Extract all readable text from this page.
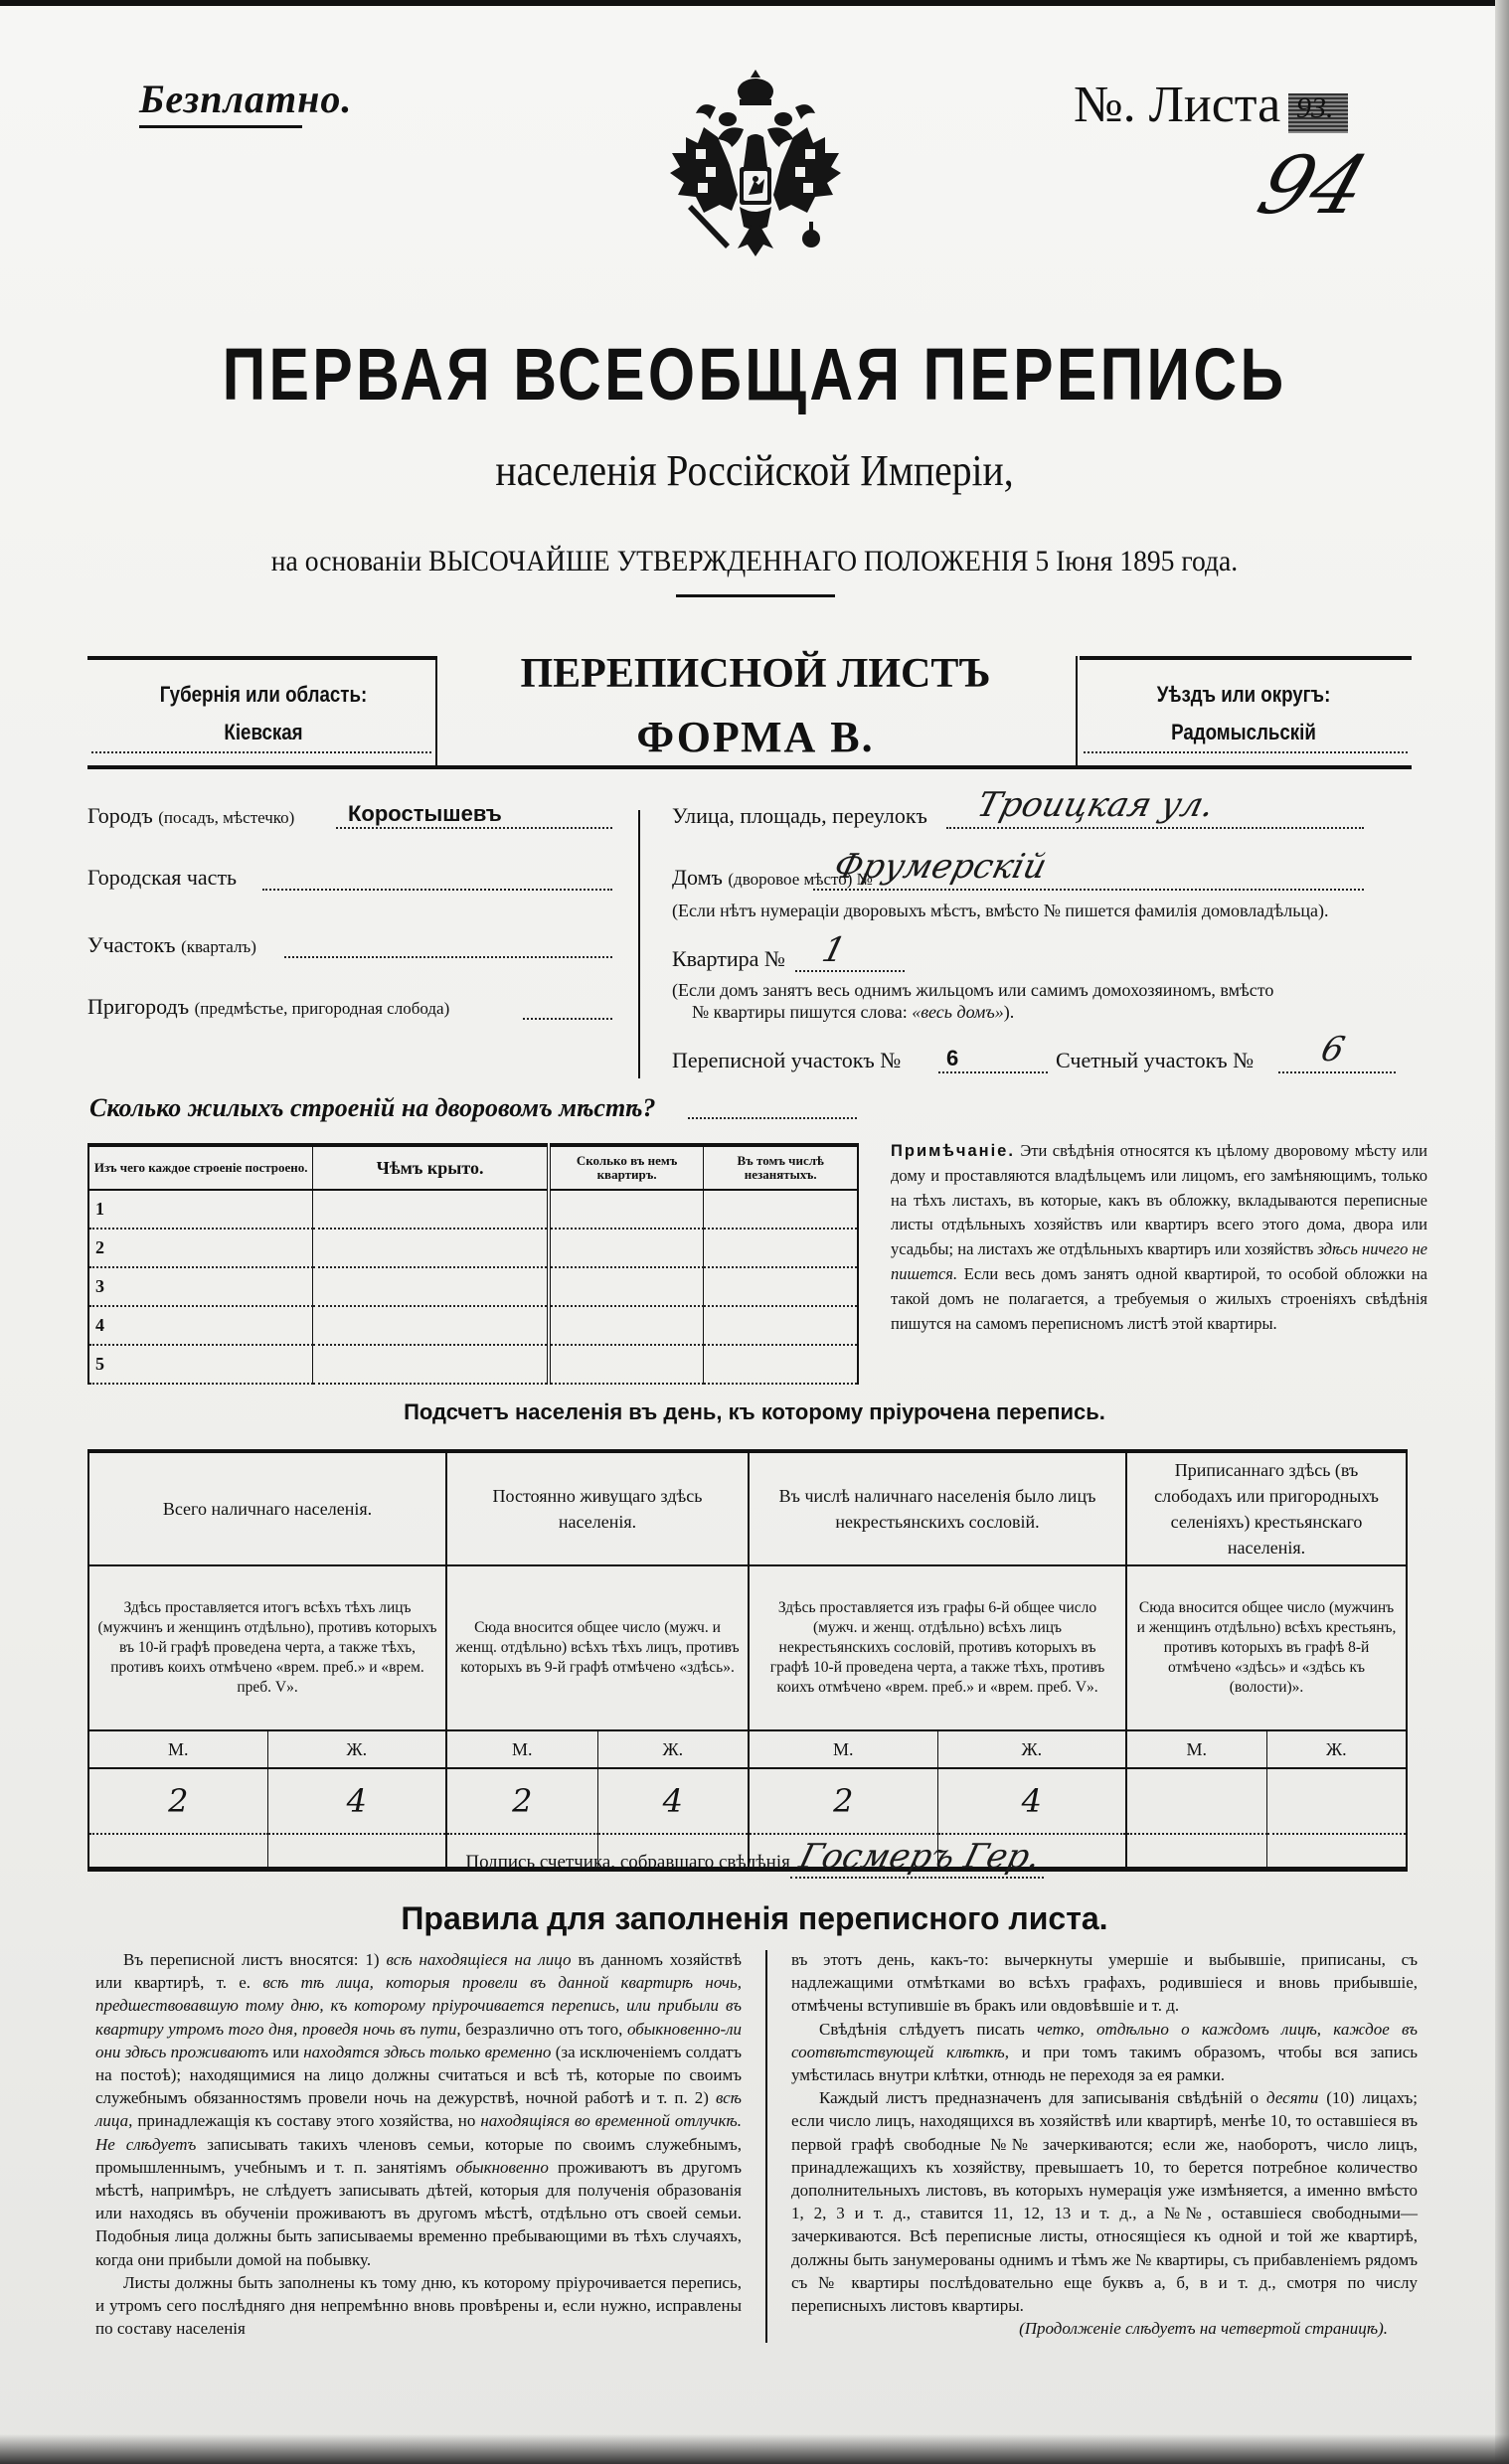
Безплатно.	№. Листа 93.
94
ПЕРВАЯ ВСЕОБЩАЯ ПЕРЕПИСЬ
населенія Россійской Имперіи,
на основаніи ВЫСОЧАЙШЕ УТВЕРЖДЕННАГО ПОЛОЖЕНІЯ 5 Іюня 1895 года.
Губернія или область:
Кіевская
ПЕРЕПИСНОЙ ЛИСТЪ
ФОРМА В.
Уѣздъ или округъ:
Радомысльскій
Городъ (посадъ, мѣстечко) Коростышевъ
Городская часть
Участокъ (кварталъ)
Пригородъ (предмѣстье, пригородная слобода)
Улица, площадь, переулокъ Троицкая ул.
Домъ (дворовое мѣсто) №
Фрумерскій
(Если нѣтъ нумераціи дворовыхъ мѣстъ, вмѣсто № пишется фамилія домовладѣльца).
Квартира № 1
(Если домъ занятъ весь однимъ жильцомъ или самимъ домохозяиномъ, вмѣсто
№ квартиры пишутся слова: «весь домъ»).
Переписной участокъ № 6	Счетный участокъ № 6
Сколько жилыхъ строеній на дворовомъ мѣстѣ?
Изъ чего каждое строеніе построено.	Чѣмъ крыто.	Сколько въ немъ квартиръ.	Въ томъ числѣ незанятыхъ.
1			
2			
3			
4			
5			
Примѣчаніе. Эти свѣдѣнія относятся къ цѣлому дворовому мѣсту или дому и проставляются владѣльцемъ или лицомъ, его замѣняющимъ, только на тѣхъ листахъ, въ которые, какъ въ обложку, вкладываются переписные листы отдѣльныхъ хозяйствъ или квартиръ всего этого дома, двора или усадьбы; на листахъ же отдѣльныхъ квартиръ или хозяйствъ здѣсь ничего не пишется. Если весь домъ занятъ одной квартирой, то особой обложки на такой домъ не полагается, а требуемыя о жилыхъ строеніяхъ свѣдѣнія пишутся на самомъ переписномъ листѣ этой квартиры.
Подсчетъ населенія въ день, къ которому пріурочена перепись.
Всего наличнаго населенія.		Постоянно живущаго здѣсь населенія.		Въ числѣ наличнаго населенія было лицъ некрестьянскихъ сословій.		Приписаннаго здѣсь (въ слободахъ или пригородныхъ селеніяхъ) крестьянскаго населенія.	
Здѣсь проставляется итогъ всѣхъ тѣхъ лицъ (мужчинъ и женщинъ отдѣльно), противъ которыхъ въ 10-й графѣ проведена черта, а также тѣхъ, противъ коихъ отмѣчено «врем. преб.» и «врем. преб. V».		Сюда вносится общее число (мужч. и женщ. отдѣльно) всѣхъ тѣхъ лицъ, противъ которыхъ въ 9-й графѣ отмѣчено «здѣсь».		Здѣсь проставляется изъ графы 6-й общее число (мужч. и женщ. отдѣльно) всѣхъ лицъ некрестьянскихъ сословій, противъ которыхъ въ графѣ 10-й проведена черта, а также тѣхъ, противъ коихъ отмѣчено «врем. преб.» и «врем. преб. V».		Сюда вносится общее число (мужчинъ и женщинъ отдѣльно) всѣхъ крестьянъ, противъ которыхъ въ графѣ 8-й отмѣчено «здѣсь» и «здѣсь къ (волости)».	
М.	Ж.	М.	Ж.	М.	Ж.	М.	Ж.
2	4	2	4	2	4		

Подпись счетчика, собравшаго свѣдѣнія Госмеръ Гер.
Правила для заполненія переписного листа.

Въ переписной листъ вносятся: 1) всѣ находящіеся на лицо въ данномъ хозяйствѣ или квартирѣ, т. е. всѣ тѣ лица, которыя провели въ данной квартирѣ ночь, предшествовавшую тому дню, къ которому пріурочивается перепись, или прибыли въ квартиру утромъ того дня, проведя ночь въ пути, безразлично отъ того, обыкновенно-ли они здѣсь проживаютъ или находятся здѣсь только временно (за исключеніемъ солдатъ на постоѣ); находящимися на лицо должны считаться и всѣ тѣ, которые по своимъ служебнымъ обязанностямъ провели ночь на дежурствѣ, ночной работѣ и т. п. 2) всѣ лица, принадлежащія къ составу этого хозяйства, но находящіяся во временной отлучкѣ. Не слѣдуетъ записывать такихъ членовъ семьи, которые по своимъ служебнымъ, промышленнымъ, учебнымъ и т. п. занятіямъ обыкновенно проживаютъ въ другомъ мѣстѣ, напримѣръ, не слѣдуетъ записывать дѣтей, которыя для полученія образованія или находясь въ обученіи проживаютъ въ другомъ мѣстѣ, отдѣльно отъ своей семьи. Подобныя лица должны быть записываемы временно пребывающими въ тѣхъ случаяхъ, когда они прибыли домой на побывку.

Листы должны быть заполнены къ тому дню, къ которому пріурочивается перепись, и утромъ сего послѣдняго дня непремѣнно вновь провѣрены и, если нужно, исправлены по составу населенія

въ этотъ день, какъ-то: вычеркнуты умершіе и выбывшіе, приписаны, съ надлежащими отмѣтками во всѣхъ графахъ, родившіеся и вновь прибывшіе, отмѣчены вступившіе въ бракъ или овдовѣвшіе и т. д.

Свѣдѣнія слѣдуетъ писать четко, отдѣльно о каждомъ лицѣ, каждое въ соотвѣтствующей клѣткѣ, и при томъ такимъ образомъ, чтобы вся запись умѣстилась внутри клѣтки, отнюдь не переходя за ея рамки.

Каждый листъ предназначенъ для записыванія свѣдѣній о десяти (10) лицахъ; если число лицъ, находящихся въ хозяйствѣ или квартирѣ, менѣе 10, то оставшіеся въ первой графѣ свободные №№ зачеркиваются; если же, наоборотъ, число лицъ, принадлежащихъ къ хозяйству, превышаетъ 10, то берется потребное количество дополнительныхъ листовъ, въ которыхъ нумерація уже измѣняется, а именно вмѣсто 1, 2, 3 и т. д., ставится 11, 12, 13 и т. д., а №№, оставшіеся свободными—зачеркиваются. Всѣ переписные листы, относящіеся къ одной и той же квартирѣ, должны быть занумерованы однимъ и тѣмъ же № квартиры, съ прибавленіемъ рядомъ съ № квартиры послѣдовательно еще буквъ а, б, в и т. д., смотря по числу переписныхъ листовъ квартиры.

(Продолженіе слѣдуетъ на четвертой страницѣ).
